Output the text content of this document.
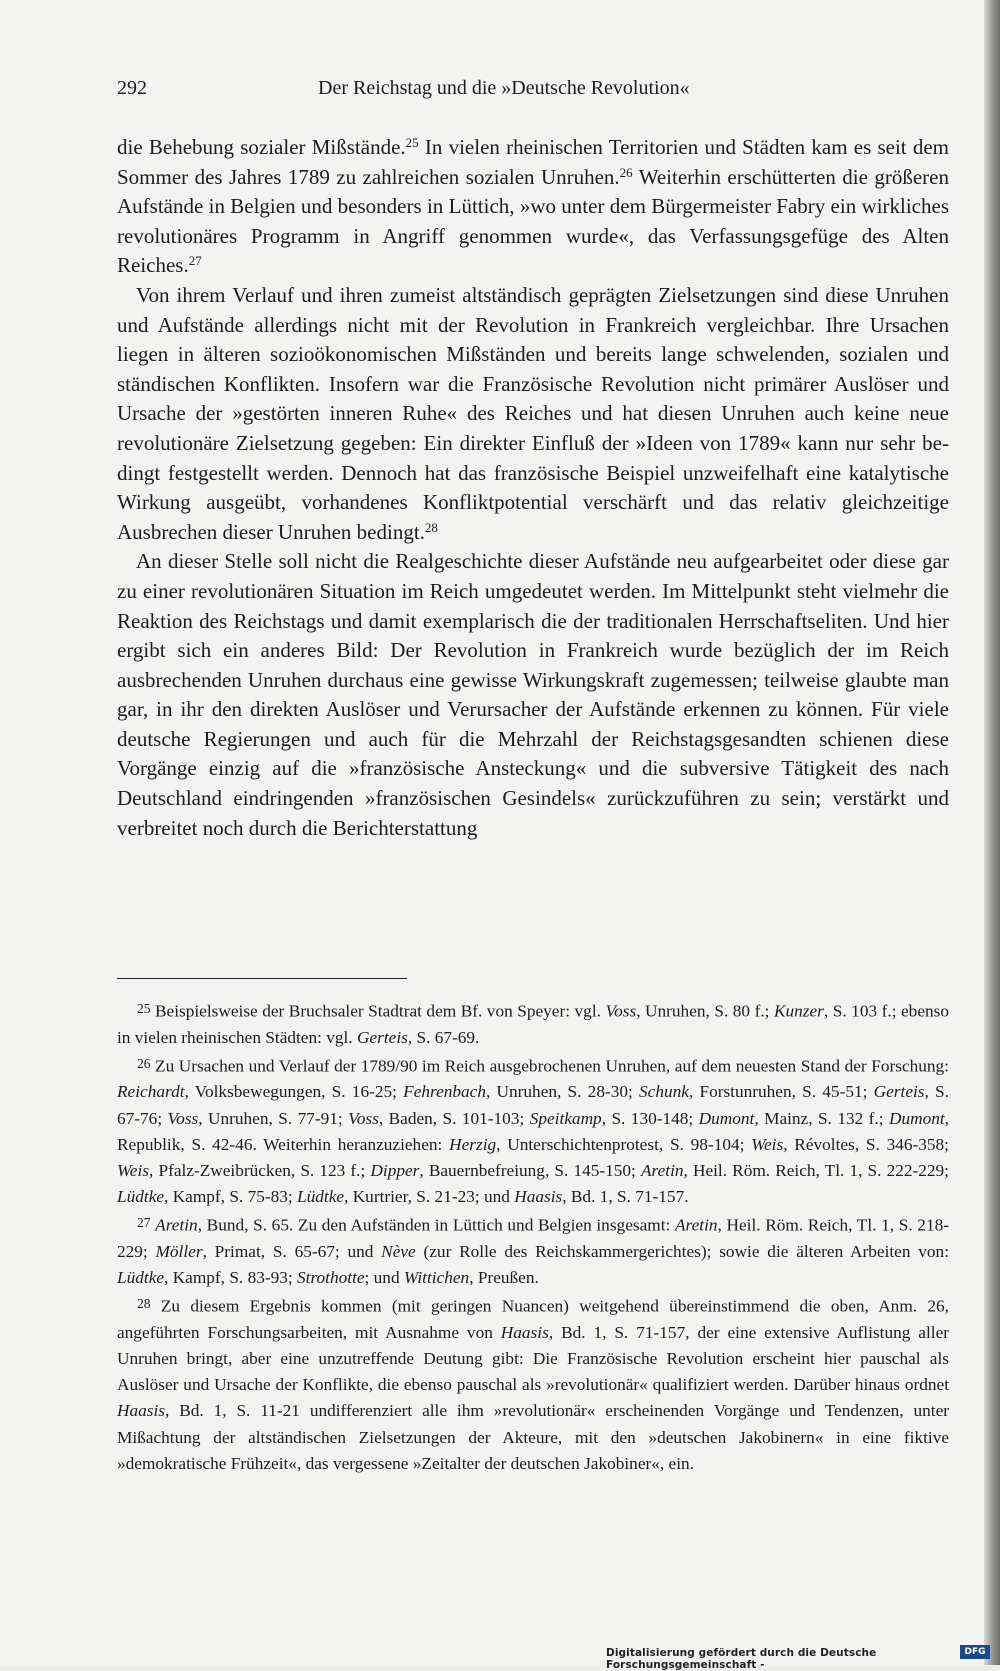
292	Der Reichstag und die »Deutsche Revolution«

die Behebung sozialer Mißstände.$^{25}$ In vielen rheinischen Territorien und Städten kam es seit dem Sommer des Jahres 1789 zu zahlreichen sozialen Unruhen.$^{26}$ Weiterhin erschütterten die größeren Aufstände in Belgien und besonders in Lüttich, »wo unter dem Bürgermeister Fabry ein wirkliches revolutionäres Programm in Angriff genommen wurde«, das Verfassungsgefüge des Alten Reiches.$^{27}$

Von ihrem Verlauf und ihren zumeist altständisch geprägten Zielsetzungen sind diese Unruhen und Aufstände allerdings nicht mit der Revolution in Frankreich vergleichbar. Ihre Ursachen liegen in älteren sozioökonomischen Mißständen und bereits lange schwelenden, sozialen und ständischen Konflikten. Insofern war die Französische Revolution nicht primärer Auslöser und Ursache der »gestörten inneren Ruhe« des Reiches und hat diesen Unruhen auch keine neue revolutionäre Zielsetzung gegeben: Ein direkter Einfluß der »Ideen von 1789« kann nur sehr bedingt festgestellt werden. Dennoch hat das französische Beispiel unzweifelhaft eine katalytische Wirkung ausgeübt, vorhandenes Konfliktpotential verschärft und das relativ gleichzeitige Ausbrechen dieser Unruhen bedingt.$^{28}$

An dieser Stelle soll nicht die Realgeschichte dieser Aufstände neu aufgearbeitet oder diese gar zu einer revolutionären Situation im Reich umgedeutet werden. Im Mittelpunkt steht vielmehr die Reaktion des Reichstags und damit exemplarisch die der traditionalen Herrschaftseliten. Und hier ergibt sich ein anderes Bild: Der Revolution in Frankreich wurde bezüglich der im Reich ausbrechenden Unruhen durchaus eine gewisse Wirkungskraft zugemessen; teilweise glaubte man gar, in ihr den direkten Auslöser und Verursacher der Aufstände erkennen zu können. Für viele deutsche Regierungen und auch für die Mehrzahl der Reichstagsgesandten schienen diese Vorgänge einzig auf die »französische Ansteckung« und die subversive Tätigkeit des nach Deutschland eindringenden »französischen Gesindels« zurückzuführen zu sein; verstärkt und verbreitet noch durch die Berichterstattung

25 Beispielsweise der Bruchsaler Stadtrat dem Bf. von Speyer: vgl. Voss, Unruhen, S. 80 f.; Kunzer, S. 103 f.; ebenso in vielen rheinischen Städten: vgl. Gerteis, S. 67-69.

26 Zu Ursachen und Verlauf der 1789/90 im Reich ausgebrochenen Unruhen, auf dem neuesten Stand der Forschung: Reichardt, Volksbewegungen, S. 16-25; Fehrenbach, Unruhen, S. 28-30; Schunk, Forstunruhen, S. 45-51; Gerteis, S. 67-76; Voss, Unruhen, S. 77-91; Voss, Baden, S. 101-103; Speitkamp, S. 130-148; Dumont, Mainz, S. 132 f.; Dumont, Republik, S. 42-46. Weiterhin heranzuziehen: Herzig, Unterschichtenprotest, S. 98-104; Weis, Révoltes, S. 346-358; Weis, Pfalz-Zweibrücken, S. 123 f.; Dipper, Bauernbefreiung, S. 145-150; Aretin, Heil. Röm. Reich, Tl. 1, S. 222-229; Lüdtke, Kampf, S. 75-83; Lüdtke, Kurtrier, S. 21-23; und Haasis, Bd. 1, S. 71-157.

27 Aretin, Bund, S. 65. Zu den Aufständen in Lüttich und Belgien insgesamt: Aretin, Heil. Röm. Reich, Tl. 1, S. 218-229; Möller, Primat, S. 65-67; und Nève (zur Rolle des Reichskammergerichtes); sowie die älteren Arbeiten von: Lüdtke, Kampf, S. 83-93; Strothotte; und Wittichen, Preußen.

28 Zu diesem Ergebnis kommen (mit geringen Nuancen) weitgehend übereinstimmend die oben, Anm. 26, angeführten Forschungsarbeiten, mit Ausnahme von Haasis, Bd. 1, S. 71-157, der eine extensive Auflistung aller Unruhen bringt, aber eine unzutreffende Deutung gibt: Die Französische Revolution erscheint hier pauschal als Auslöser und Ursache der Konflikte, die ebenso pauschal als »revolutionär« qualifiziert werden. Darüber hinaus ordnet Haasis, Bd. 1, S. 11-21 undifferenziert alle ihm »revolutionär« erscheinenden Vorgänge und Tendenzen, unter Mißachtung der altständischen Zielsetzungen der Akteure, mit den »deutschen Jakobinern« in eine fiktive »demokratische Frühzeit«, das vergessene »Zeitalter der deutschen Jakobiner«, ein.

Digitalisierung gefördert durch die Deutsche Forschungsgemeinschaft -
DFG
